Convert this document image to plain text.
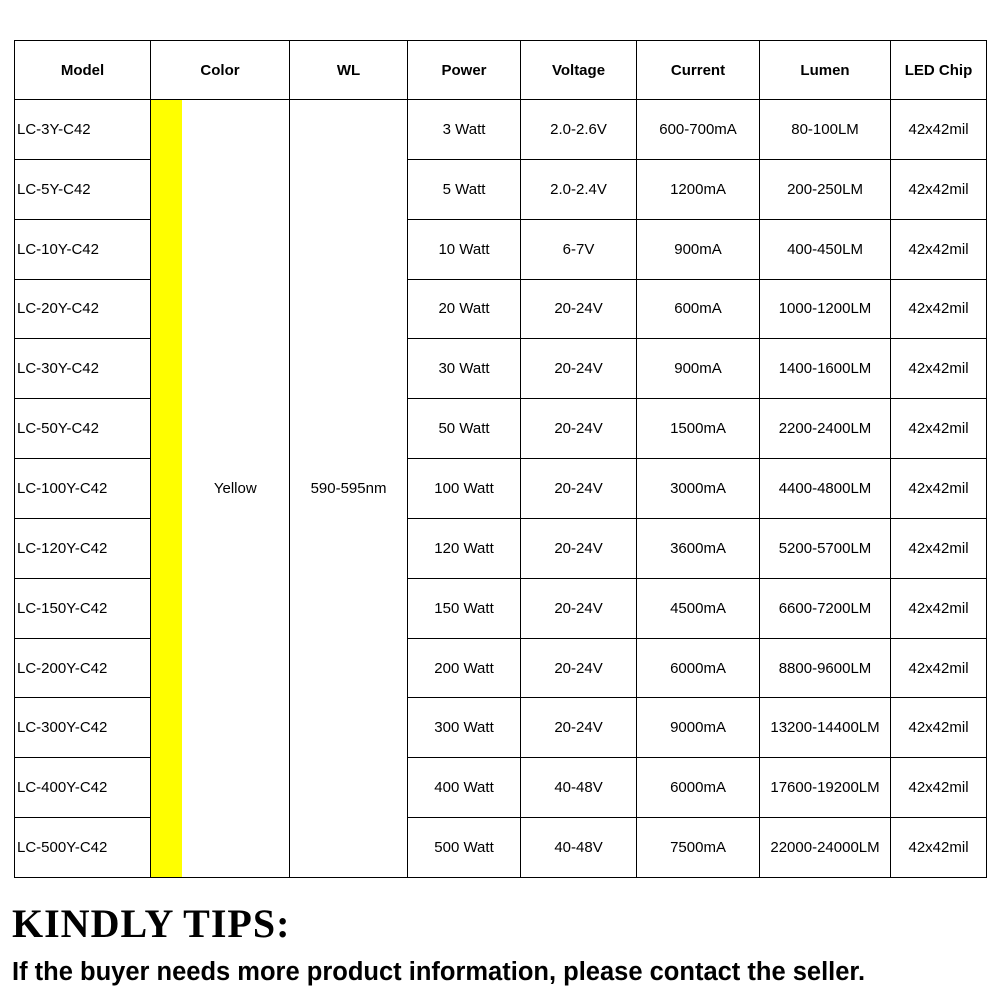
Model	Color		WL	Power	Voltage	Current	Lumen	LED Chip
LC-3Y-C42		Yellow	590-595nm	3 Watt	2.0-2.6V	600-700mA	80-100LM	42x42mil
LC-5Y-C42				5 Watt	2.0-2.4V	1200mA	200-250LM	42x42mil
LC-10Y-C42				10 Watt	6-7V	900mA	400-450LM	42x42mil
LC-20Y-C42				20 Watt	20-24V	600mA	1000-1200LM	42x42mil
LC-30Y-C42				30 Watt	20-24V	900mA	1400-1600LM	42x42mil
LC-50Y-C42				50 Watt	20-24V	1500mA	2200-2400LM	42x42mil
LC-100Y-C42				100 Watt	20-24V	3000mA	4400-4800LM	42x42mil
LC-120Y-C42				120 Watt	20-24V	3600mA	5200-5700LM	42x42mil
LC-150Y-C42				150 Watt	20-24V	4500mA	6600-7200LM	42x42mil
LC-200Y-C42				200 Watt	20-24V	6000mA	8800-9600LM	42x42mil
LC-300Y-C42				300 Watt	20-24V	9000mA	13200-14400LM	42x42mil
LC-400Y-C42				400 Watt	40-48V	6000mA	17600-19200LM	42x42mil
LC-500Y-C42				500 Watt	40-48V	7500mA	22000-24000LM	42x42mil
KINDLY TIPS:

If the buyer needs more product information, please contact the seller.
